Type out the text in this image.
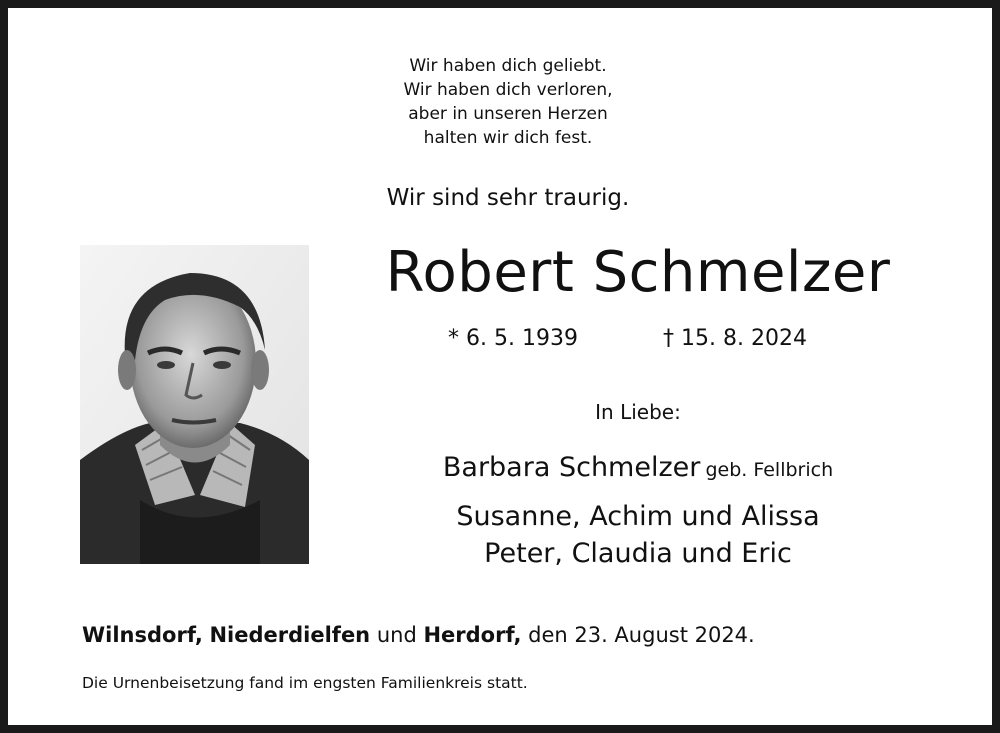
Wir haben dich geliebt.
Wir haben dich verloren,
aber in unseren Herzen
halten wir dich fest.
Wir sind sehr traurig.
Robert Schmelzer
* 6. 5. 1939	† 15. 8. 2024
In Liebe:
Barbara Schmelzer geb. Fellbrich
Susanne, Achim und Alissa
Peter, Claudia und Eric
Wilnsdorf, Niederdielfen und Herdorf, den 23. August 2024.
Die Urnenbeisetzung fand im engsten Familienkreis statt.
